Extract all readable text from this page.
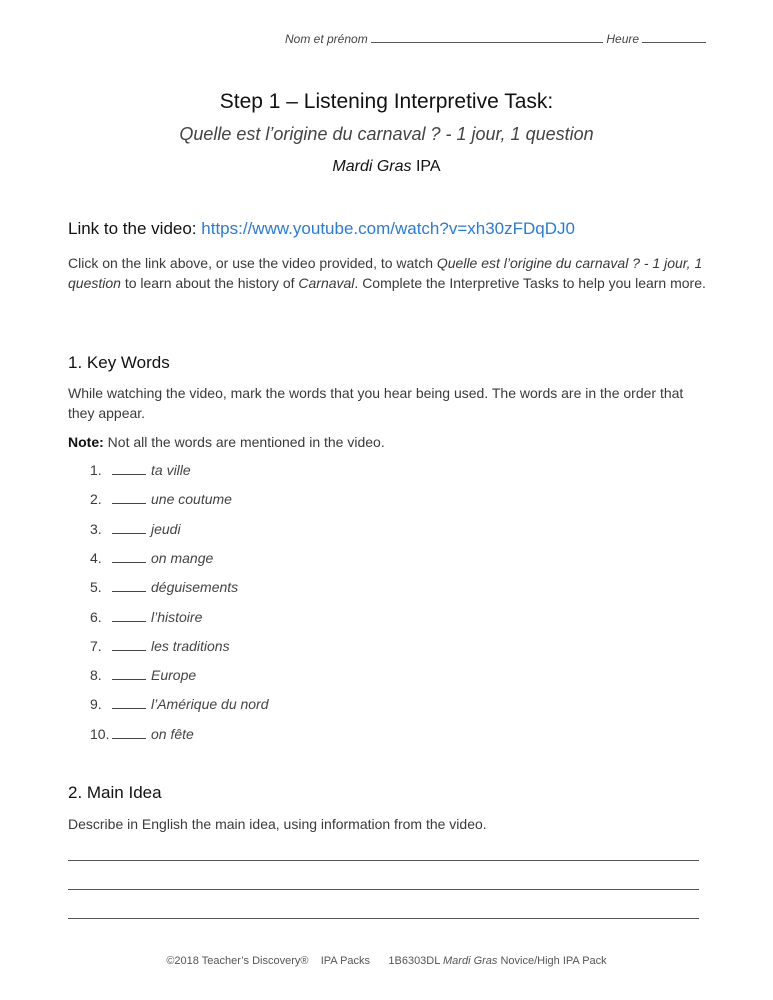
Nom et prénom	Heure
Step 1 – Listening Interpretive Task:
Quelle est l’origine du carnaval ? - 1 jour, 1 question
Mardi Gras IPA
Link to the video: https://www.youtube.com/watch?v=xh30zFDqDJ0
Click on the link above, or use the video provided, to watch Quelle est l’origine du carnaval ? - 1 jour, 1 question to learn about the history of Carnaval. Complete the Interpretive Tasks to help you learn more.
1. Key Words
While watching the video, mark the words that you hear being used. The words are in the order that they appear.
Note: Not all the words are mentioned in the video.
1.	ta ville
2.	une coutume
3.	jeudi
4.	on mange
5.	déguisements
6.	l’histoire
7.	les traditions
8.	Europe
9.	l’Amérique du nord
10.	on fête
2. Main Idea
Describe in English the main idea, using information from the video.
©2018 Teacher’s Discovery®    IPA Packs      1B6303DL Mardi Gras Novice/High IPA Pack
